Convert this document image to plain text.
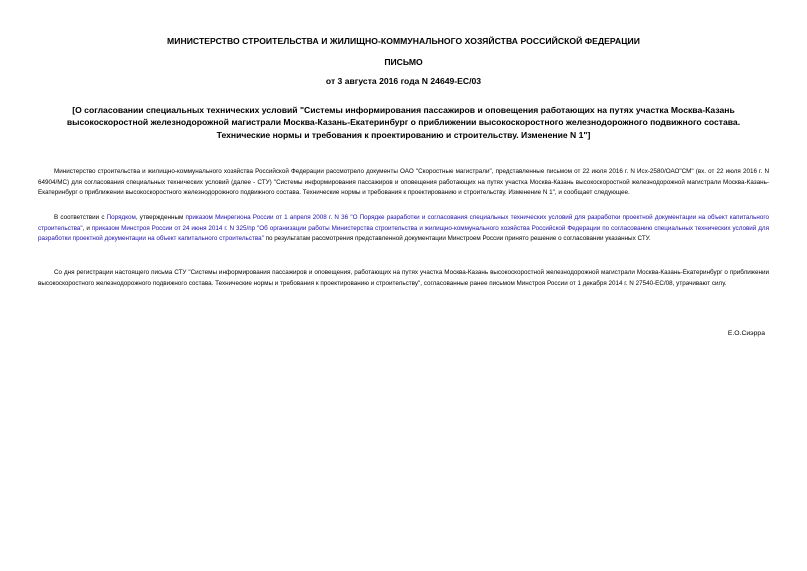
МИНИСТЕРСТВО СТРОИТЕЛЬСТВА И ЖИЛИЩНО-КОММУНАЛЬНОГО ХОЗЯЙСТВА РОССИЙСКОЙ ФЕДЕРАЦИИ
ПИСЬМО
от 3 августа 2016 года N 24649-ЕС/03
[О согласовании специальных технических условий "Системы информирования пассажиров и оповещения работающих на путях участка Москва-Казань высокоскоростной железнодорожной магистрали Москва-Казань-Екатеринбург о приближении высокоскоростного железнодорожного подвижного состава. Технические нормы и требования к проектированию и строительству. Изменение N 1"]

Министерство строительства и жилищно-коммунального хозяйства Российской Федерации рассмотрело документы ОАО "Скоростные магистрали", представленные письмом от 22 июля 2016 г. N Исх-2580/ОАО"СМ" (вх. от 22 июля 2016 г. N 64904/МС) для согласования специальных технических условий (далее - СТУ) "Системы информирования пассажиров и оповещения работающих на путях участка Москва-Казань высокоскоростной железнодорожной магистрали Москва-Казань-Екатеринбург о приближении высокоскоростного железнодорожного подвижного состава. Технические нормы и требования к проектированию и строительству. Изменение N 1", и сообщает следующее.

В соответствии с Порядком, утвержденным приказом Минрегиона России от 1 апреля 2008 г. N 36 "О Порядке разработки и согласования специальных технических условий для разработки проектной документации на объект капитального строительства", и приказом Минстроя России от 24 июня 2014 г. N 325/пр "Об организации работы Министерства строительства и жилищно-коммунального хозяйства Российской Федерации по согласованию специальных технических условий для разработки проектной документации на объект капитального строительства" по результатам рассмотрения представленной документации Минстроем России принято решение о согласовании указанных СТУ.

Со дня регистрации настоящего письма СТУ "Системы информирования пассажиров и оповещения, работающих на путях участка Москва-Казань высокоскоростной железнодорожной магистрали Москва-Казань-Екатеринбург о приближении высокоскоростного железнодорожного подвижного состава. Технические нормы и требования к проектированию и строительству", согласованные ранее письмом Минстроя России от 1 декабря 2014 г. N 27540-ЕС/08, утрачивают силу.

Е.О.Сиэрра
